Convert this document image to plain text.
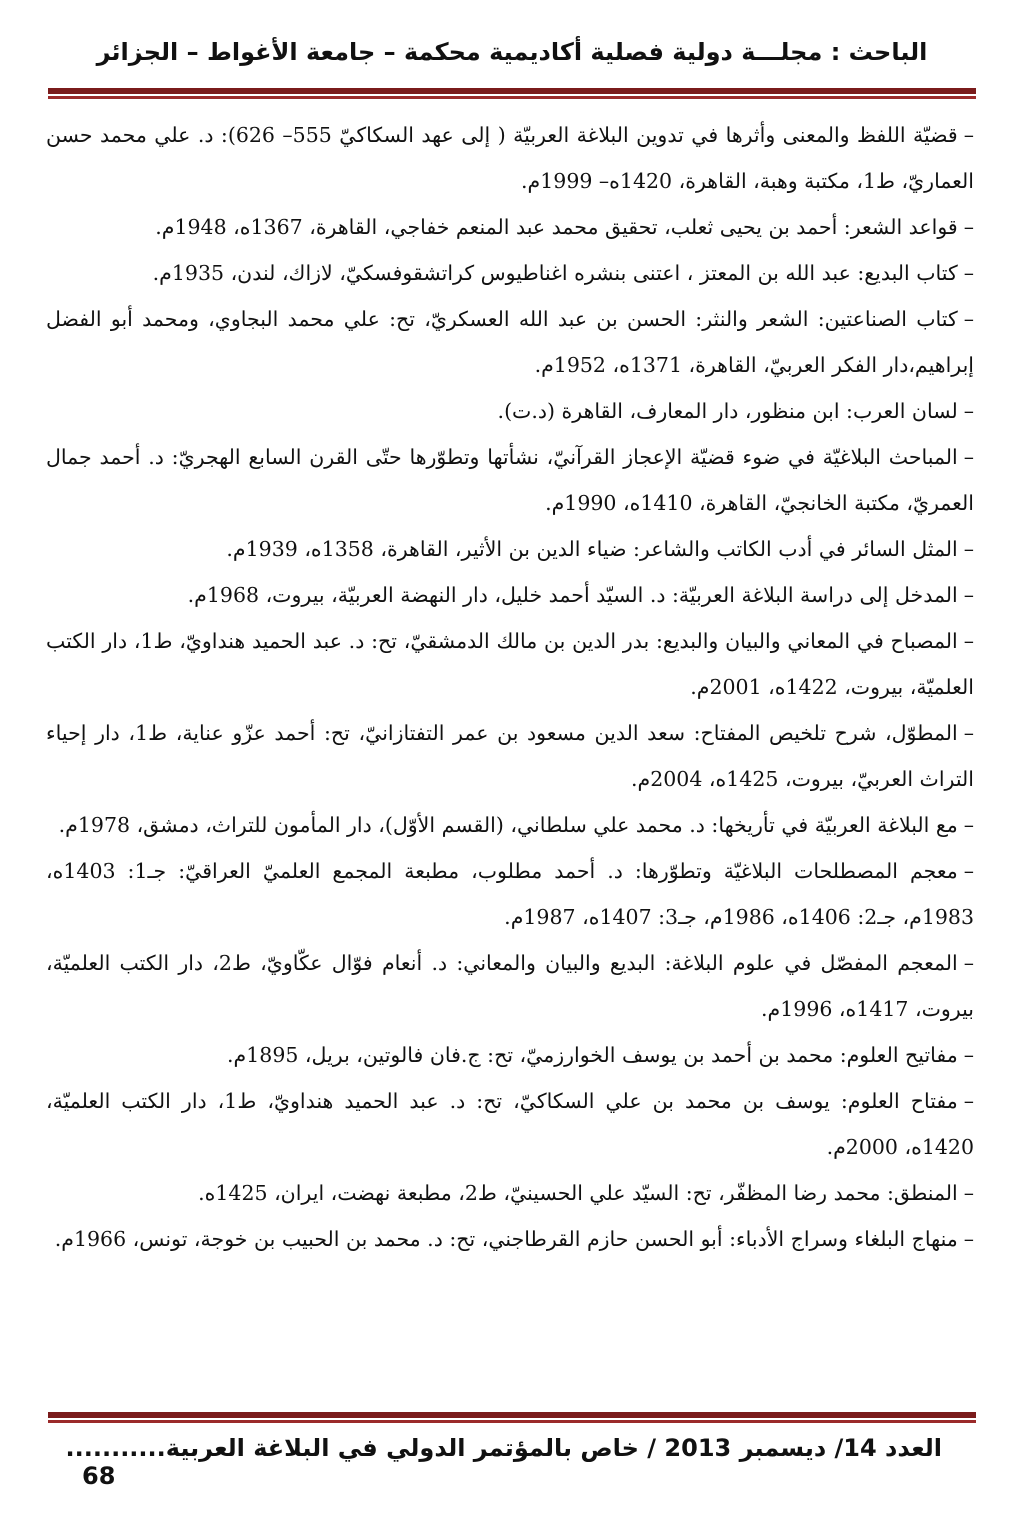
الباحث : مجلـــة دولية فصلية أكاديمية محكمة – جامعة الأغواط – الجزائر

–قضيّة اللفظ والمعنى وأثرها في تدوين البلاغة العربيّة ( إلى عهد السكاكيّ 555– 626): د. علي محمد حسن العماريّ، ط1، مكتبة وهبة، القاهرة، 1420ه– 1999م.

–قواعد الشعر: أحمد بن يحيى ثعلب، تحقيق محمد عبد المنعم خفاجي، القاهرة، 1367ه، 1948م.

–كتاب البديع: عبد الله بن المعتز ، اعتنى بنشره اغناطيوس كراتشقوفسكيّ، لازاك، لندن، 1935م.

–كتاب الصناعتين: الشعر والنثر: الحسن بن عبد الله العسكريّ، تح: علي محمد البجاوي، ومحمد أبو الفضل إبراهيم،دار الفكر العربيّ، القاهرة، 1371ه، 1952م.

–لسان العرب: ابن منظور، دار المعارف، القاهرة (د.ت).

–المباحث البلاغيّة في ضوء قضيّة الإعجاز القرآنيّ، نشأتها وتطوّرها حتّى القرن السابع الهجريّ: د. أحمد جمال العمريّ، مكتبة الخانجيّ، القاهرة، 1410ه، 1990م.

–المثل السائر في أدب الكاتب والشاعر: ضياء الدين بن الأثير، القاهرة، 1358ه، 1939م.

–المدخل إلى دراسة البلاغة العربيّة: د. السيّد أحمد خليل، دار النهضة العربيّة، بيروت، 1968م.

–المصباح في المعاني والبيان والبديع: بدر الدين بن مالك الدمشقيّ، تح: د. عبد الحميد هنداويّ، ط1، دار الكتب العلميّة، بيروت، 1422ه، 2001م.

–المطوّل، شرح تلخيص المفتاح: سعد الدين مسعود بن عمر التفتازانيّ، تح: أحمد عزّو عناية، ط1، دار إحياء التراث العربيّ، بيروت، 1425ه، 2004م.

–مع البلاغة العربيّة في تأريخها: د. محمد علي سلطاني، (القسم الأوّل)، دار المأمون للتراث، دمشق، 1978م.

–معجم المصطلحات البلاغيّة وتطوّرها: د. أحمد مطلوب، مطبعة المجمع العلميّ العراقيّ: جـ1: 1403ه، 1983م، جـ2: 1406ه، 1986م، جـ3: 1407ه، 1987م.

–المعجم المفصّل في علوم البلاغة: البديع والبيان والمعاني: د. أنعام فوّال عكّاويّ، ط2، دار الكتب العلميّة، بيروت، 1417ه، 1996م.

–مفاتيح العلوم: محمد بن أحمد بن يوسف الخوارزميّ، تح: ج.فان فالوتين، بريل، 1895م.

–مفتاح العلوم: يوسف بن محمد بن علي السكاكيّ، تح: د. عبد الحميد هنداويّ، ط1، دار الكتب العلميّة، 1420ه، 2000م.

–المنطق: محمد رضا المظفّر، تح: السيّد علي الحسينيّ، ط2، مطبعة نهضت، ايران، 1425ه.

–منهاج البلغاء وسراج الأدباء: أبو الحسن حازم القرطاجني، تح: د. محمد بن الحبيب بن خوجة، تونس، 1966م.

العدد 14/ ديسمبر 2013 / خاص بالمؤتمر الدولي في البلاغة العربية...........
68
